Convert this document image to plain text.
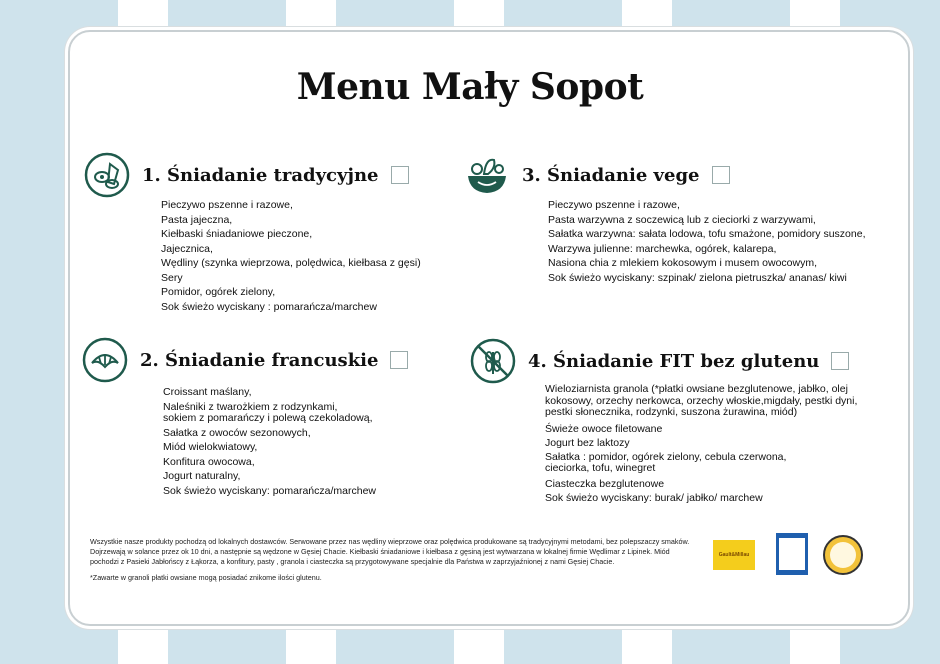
Menu Mały Sopot
1. Śniadanie tradycyjne
Pieczywo pszenne i razowe,
Pasta jajeczna,
Kiełbaski śniadaniowe pieczone,
Jajecznica,
Wędliny (szynka wieprzowa, polędwica, kiełbasa z gęsi)
Sery
Pomidor, ogórek zielony,
Sok świeżo wyciskany : pomarańcza/marchew
2. Śniadanie francuskie
Croissant maślany,
Naleśniki z twarożkiem z rodzynkami,
sokiem z pomarańczy i polewą czekoladową,
Sałatka z owoców sezonowych,
Miód wielokwiatowy,
Konfitura owocowa,
Jogurt naturalny,
Sok świeżo wyciskany: pomarańcza/marchew
3. Śniadanie vege
Pieczywo pszenne i razowe,
Pasta warzywna z soczewicą lub z cieciorki z warzywami,
Sałatka warzywna: sałata lodowa, tofu smażone, pomidory suszone,
Warzywa julienne: marchewka, ogórek, kalarepa,
Nasiona chia z mlekiem kokosowym i musem owocowym,
Sok świeżo wyciskany: szpinak/ zielona pietruszka/ ananas/ kiwi
4. Śniadanie FIT bez glutenu
Wieloziarnista granola (*płatki owsiane bezglutenowe, jabłko, olej
kokosowy, orzechy nerkowca, orzechy włoskie,migdały, pestki dyni,
pestki słonecznika, rodzynki, suszona żurawina, miód)
Świeże owoce filetowane
Jogurt bez laktozy
Sałatka : pomidor, ogórek zielony, cebula czerwona,
cieciorka, tofu, winegret
Ciasteczka bezglutenowe
Sok świeżo wyciskany: burak/ jabłko/ marchew

Wszystkie nasze produkty pochodzą od lokalnych dostawców. Serwowane przez nas wędliny wieprzowe oraz polędwica produkowane są tradycyjnymi metodami, bez polepszaczy smaków. Dojrzewają w solance przez ok 10 dni, a następnie są wędzone w Gęsiej Chacie. Kiełbaski śniadaniowe i kiełbasa z gęsiną jest wytwarzana w lokalnej firmie Wędlimar z Lipinek. Miód pochodzi z Pasieki Jabłońscy z Łąkorza, a konfitury, pasty , granola i ciasteczka są przygotowywane specjalnie dla Państwa w zaprzyjaźnionej z nami Gęsiej Chacie.

*Zawarte w granoli płatki owsiane mogą posiadać znikome ilości glutenu.

Gault&Millau
